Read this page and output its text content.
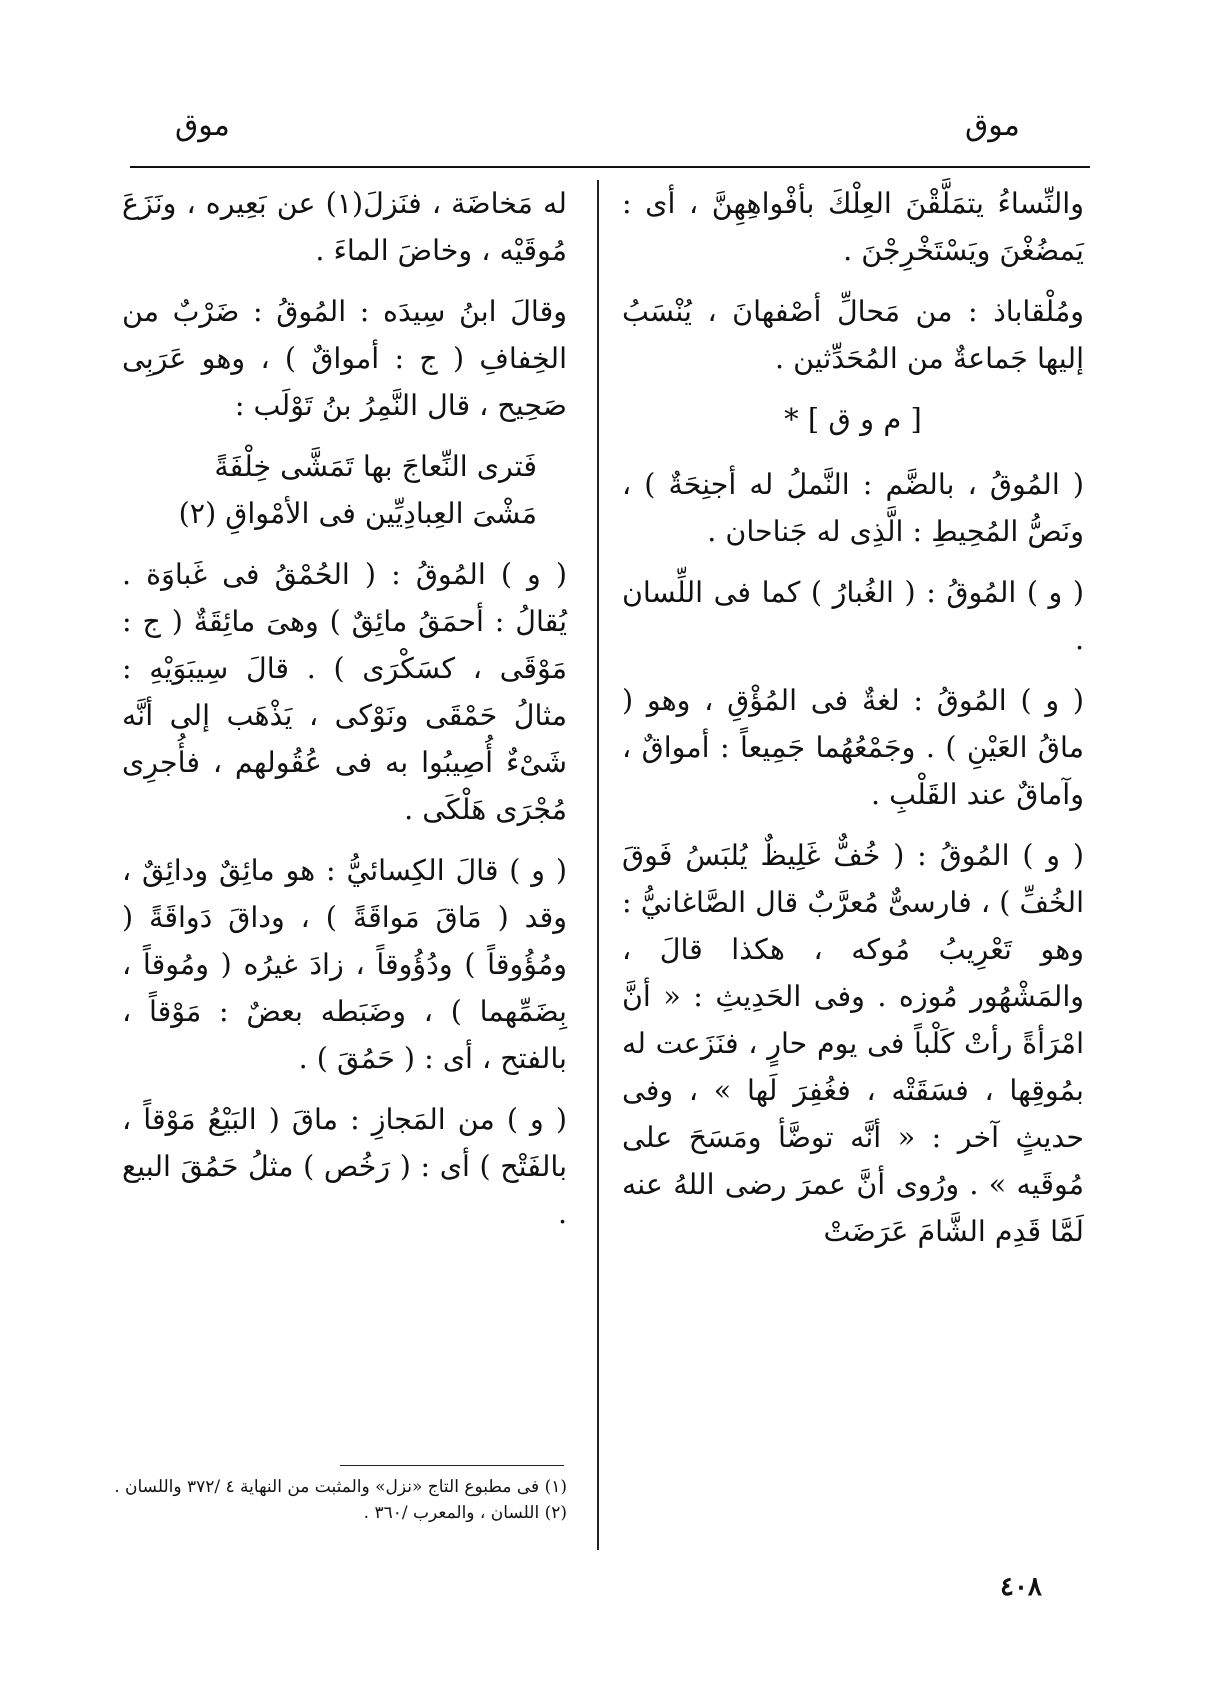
موق
موق

والنِّساءُ يتمَلَّقْنَ العِلْكَ بأفْواهِهِنَّ ، أى : يَمضُغْنَ ويَسْتَخْرِجْنَ .

ومُلْقاباذ : من مَحالِّ أصْفهانَ ، يُنْسَبُ إليها جَماعةٌ من المُحَدِّثين .

[ م و ق ] *

( المُوقُ ، بالضَّم : النَّملُ له أجنِحَةٌ ) ، ونَصُّ المُحِيطِ : الَّذِى له جَناحان .

( و ) المُوقُ : ( الغُبارُ ) كما فى اللِّسان .

( و ) المُوقُ : لغةٌ فى المُؤْقِ ، وهو ( ماقُ العَيْنِ ) . وجَمْعُهُما جَمِيعاً : أمواقٌ ، وآماقٌ عند القَلْبِ .

( و ) المُوقُ : ( خُفٌّ غَلِيظٌ يُلبَسُ فَوقَ الخُفِّ ) ، فارسىٌّ مُعرَّبٌ قال الصَّاغانيُّ : وهو تَعْرِيبُ مُوكه ، هكذا قالَ ، والمَشْهُور مُوزه . وفى الحَدِيثِ : « أنَّ امْرَأةً رأتْ كَلْباً فى يوم حارٍ ، فنَزَعت له بمُوقِها ، فسَقَتْه ، فغُفِرَ لَها » ، وفى حديثٍ آخر : « أنَّه توضَّأ ومَسَحَ على مُوقَيه » . ورُوى أنَّ عمرَ رضى اللهُ عنه لَمَّا قَدِم الشَّامَ عَرَضَتْ

له مَخاضَة ، فنَزلَ(١) عن بَعِيره ، ونَزَعَ مُوقَيْه ، وخاضَ الماءَ .

وقالَ ابنُ سِيدَه : المُوقُ : ضَرْبٌ من الخِفافِ ( ج : أمواقٌ ) ، وهو عَرَبِى صَحِيح ، قال النَّمِرُ بنُ تَوْلَب :

فَترى النِّعاجَ بها تَمَشَّى خِلْفَةً

مَشْىَ العِبادِيِّين فى الأمْواقِ (٢)

( و ) المُوقُ : ( الحُمْقُ فى غَباوَة . يُقالُ : أحمَقُ مائِقٌ ) وهىَ مائِقَةٌ ( ج : مَوْقَى ، كسَكْرَى ) . قالَ سِيبَوَيْهِ : مثالُ حَمْقَى ونَوْكى ، يَذْهَب إلى أنَّه شَىْءٌ أُصِيبُوا به فى عُقُولهم ، فأُجرِى مُجْرَى هَلْكَى .

( و ) قالَ الكِسائيُّ : هو مائِقٌ ودائِقٌ ، وقد ( مَاقَ مَواقَةً ) ، وداقَ دَواقَةً ( ومُؤُوقاً ) ودُؤُوقاً ، زادَ غيرُه ( ومُوقاً ، بِضَمِّهما ) ، وضَبَطه بعضٌ : مَوْقاً ، بالفتح ، أى : ( حَمُقَ ) .

( و ) من المَجازِ : ماقَ ( البَيْعُ مَوْقاً ، بالفَتْح ) أى : ( رَخُص ) مثلُ حَمُقَ البيع .

(١) فى مطبوع التاج «نزل» والمثبت من النهاية ٤ /٣٧٢ واللسان .
(٢) اللسان ، والمعرب /٣٦٠ .
٤٠٨
